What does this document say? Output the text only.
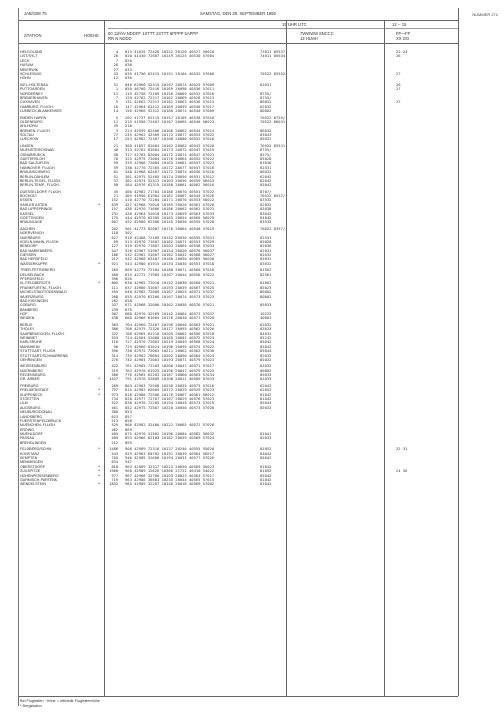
JAB/G88 75	SAMSTAG, DEN 29. SEPTEMBER 1956	NUMMER 272
15 UHR UTC	12 -- 15
STATION	HOEHE 00 11hhV NDDFF 1STTT 2STTT 6PPPP 5APPP
RR N NDDD
7WWWW 8NCCC
12 HLMH
FF—FF
XX GG
HELGOLAND	4 015 41635 72420 10152 20120 40527 56010	73011 85537	22 24
LIST/SYLT	26 020 41430 72607 10149 20125 40530 57004	74011 85634	26
LECK	7 020
HUSUM	28 030
MEIERWIK	27 033
SCHLESWIG	43 035 41756 62415 10151 20104 40532 57006	70522 85552	27
HOHN	12 036
KIEL-HOLTENAU	31 046 62960 52315 10167 20074 40525 57009	62031	26
PUTTGARDEN	1 050 46760 72416 10169 20098 40536 57011	27
NORDERNEY	11 115 42758 72209 10156 20069 40532 57016	8755/
BREMERHAVEN	7 129 42762 72217 10162 20069 40528 57013	8755/
CUXHAVEN	5 131 42662 72317 10161 20063 40536 57015	86052	27
HAMBURG, FLUGH.	16 147 42964 62412 10169 20059 40536 57017	62032
LUEBECK-BLANKENSEE	14 156 42966 52312 10180 20074 40540 57009	80002
EMDEN HAFEN	5 202 41757 62115 10157 20105 40538 57016	70522 8755/
OLDENBURG	11 215 41950 72407 10167 20065 40540 56023	70522 86031
AHLHORN	49 218
BREMEN, FLUGH.	3 224 42959 62406 10166 20062 40544 57014	86032
SOLTAU	77 235 42962 42309 10172 20077 40553 57022	83043
LUECHOW	17 253 42962 72307 10168 20080 40552 57016	85032
LINGEN	21 305 41657 82004 10162 20062 40542 57020	70522 85531
MUENSTER/OSNAB.	40 313 42762 81604 10173 20072 40547 57019	8755/
OSNABRUECK	90 317 42763 82004 10172 20074 40547 57021	8575/
GUETERSLOH	70 325 42975 72004 10176 20064 40552 57022	85028
BAD SALZUFLEN	99 335 42968 72004 10165 20061 40557 57023	83036
HANNOVER, FLUGH.	59 338 42770 72305 10172 20077 40557 57016	62531
BRAUNSCHWEIG	81 348 42968 62407 10172 20074 40556 57016	86032
BERLIN-DAHLEM	51 381 42975 52405 10174 20056 40551 57012	62042
BERLIN-TEGEL, FLUGH.	37 382 42974 52312 10163 20056 40559 56015	62042
BERLIN-TEMP., FLUGH.	50 384 42976 62315 10188 20061 40562 56016	85042
DUESSELDORF, FLUGH.	45 400 42962 71704 10186 20070 40551 57022	8707/
BOCHOLT	21 405 41950 61904 10181 20067 40544 57026	70522 8537/
ESSEN	152 410 42770 72204 10171 20076 40553 56022	83532
KAHLER ASTEN	*	839 427 42968 72010 10165 20026 40561 57026	62032
BAD LIPPSPRINGE	157 430 42970 71606 10186 20062 40562 57023	83038
KASSEL	231 438 42964 52010 10173 20059 40563 57033	83042
GOETTINGEN	175 444 42970 62305 10165 20054 40560 56029	84042
BRAUNLAGE	607 452 42980 62306 10145 20036 40555 57028	83532
AACHEN	202 501 41773 82007 10176 20064 40548 57019	76022 8357/
NOERVENICH	118 502
NUERBURG	627 510 42468 72109 10152 20030 40555 57031	62553
KOELN-WAHN, FLUGH.	69 513 42970 71607 10182 20071 40553 57029	85028
BENDORF	127 519 42970 71807 10203 20064 40558 57033	82036
BAD MARIENBERG	547 526 42967 51907 10154 20028 40576 56037	82031
GIESSEN	186 532 42962 51607 10162 20042 40568 56027	82032
BAD HERSFELD	212 542 42968 62407 10180 20050 40569 56038	85032
WASSERKUPPE	*	921 544 42980 61915 10133 20036 40553 57018	83032
TRIER-PETRISBERG	265 609 42775 72104 10188 20071 40560 57016	81562
DEUSELBACH	480 615 42772 71905 10167 20044 40556 57022	82561
PFERDSFELD	396 626
KL.FELDBERG/TS.	*	805 630 42965 72010 10152 20030 40560 57021	81062
FRANKFURT/M., FLUGH.	111 637 42966 51607 10193 20039 40567 57025	85023
MICHELSTADT/ODENWALD	455 648 42965 72006 10167 20025 40571 57037	80002
WUERZBURG	268 655 42970 62206 10167 20074 40573 57023	80002
BAD KISSINGEN	282 658
COBURG	337 671 42968 32006 10162 20050 40576 57021	85033
BAMBERG	239 675
HOF	567 680 42970 32509 10142 20064 40573 57037	10222
WEIDEN	438 688 42966 61605 10176 20040 40577 57020	40001
BERUS	363 704 42960 72407 10196 20040 40563 57021	62032
THOLEY	386 708 42975 72326 10177 20093 40562 57026	83023
SAARBRUECKEN, FLUGH.	322 708 42965 62210 10205 20062 40556 57018	84032
WEINBIET	553 724 42564 52006 10165 20001 40572 57023	85242
KARLSRUHE	116 727 42970 72603 10219 20049 40568 57024	85042
MANNHEIM	96 729 42966 61624 10196 20095 40574 57022	85042
STUTTGART, FLUGH.	396 738 42975 72003 10211 20062 40562 57030	85044
STUTTGART/SCHNARRENB.	314 739 42962 70604 10202 20090 40564 57024	82032
OEHRINGEN	276 742 42964 72003 10193 20071 40579 57023	85032
WEISSENBURG	422 761 42965 72203 10206 20043 40571 57017	82032
NUERNBERG	319 763 42970 61925 10196 20047 40579 57025	80002
REGENSBURG	366 776 42965 62203 10187 20060 40563 57034	85033
GR. ARBER	*	1437 791 42978 52809 10100 20011 40569 57033	81033
FREIBURG	269 803 42963 72508 10230 20035 40573 57016	62042
FREUDENSTADT	*	797 815 42982 62605 10172 20029 40529 57023	62052
KLIPPENECK	*	973 818 42980 72506 10176 20067 40561 56012	81042
STOETTEN	734 828 42977 72707 10167 20029 40576 57023	81042
ULM	522 838 42970 72205 10194 20045 40573 57019	85045
AUGSBURG	461 852 42975 72507 10220 20050 40573 57020	85032
NEUBURG/DONAU	380 853
LANDSBERG	623 857
FUERSTENFELDBRUCK	513 858
MUENCHEN, FLUGH.	529 866 42982 32406 10222 20065 40572 57026
ERDING	462 869
MUEHLDORF	405 875 42970 51902 10196 20084 40582 56032	81041
PASSAU	409 893 42966 62103 10182 20059 40589 57024	82033
BRENDLINGEN	212 895
FELDBERG/SCHW.	*	1486 908 42989 72316 10137 20246 40555 55020	81052	22 31
KONSTANZ	443 929 42963 60702 10191 20039 40584 56017	83042
KEMPTEN	705 946 42989 52606 10194 20031 40577 57026	85042
MEMMINGEN	634 947
OBERSTDORF	*	810 963 42989 32317 10223 20050 40569 56023	81042
ZUGSPITZE	*	2960 960 45989 12626 10366 21722 40410 54022	81052	24 56
HOHENPEISSENBERG	*	977 967 42966 32706 10193 20023 40564 57017	85042
GARMISCH-PARTENK.	719 963 42986 30503 10235 20044 40565 57015	81042
WENDELSTEIN	*	1832 985 42989 32207 10146 20018 40569 57002	81042
Bei Flughäfen : Höhe = offizielle Flughafenhöhe
* Bergstation
